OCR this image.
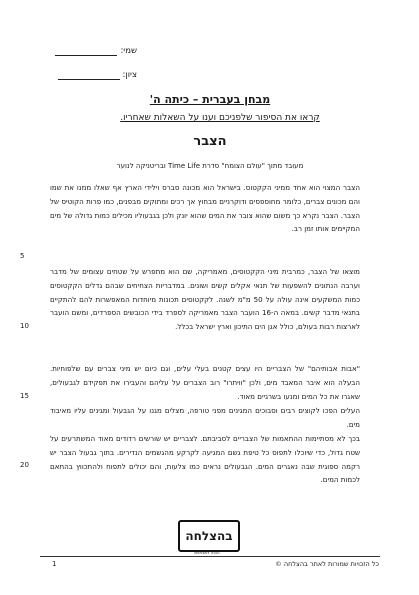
שמי:
ציון:
מבחן בעברית – כיתה ה'
קראו את הסיפור שלפניכם וענו על השאלות שאחריו.
הצבר
מעובד מתוך "עולם הצומח" סדרת Time Life ובריטניקה לנוער
הצבר המצוי הוא אחד ממיני הקקטוס. בישראל הוא מכונה סברס וילידי הארץ אף שאלו ממנו את שמו והם מכונים צברים, כלומר מחוספסים ודוקרניים מבחוץ אך רכים ומתוקים מבפנים, כמו פרות הקוטיס של הצבר. הצבר נקרא כך משום שהוא צובר את המים שהוא יונק ולכן בגבעוליו מכילים כמות גדולה של מים המקיימים אותו זמן רב.
מוצאו של הצבר, כמרבית מיני הקקטוסים, מאמריקה, שם הוא מתפרש על שטחים עצומים של מדבר וערבה הנתונים להשפעות של תנאי אקלים קשים ושונים. במדבריות הצחיחים שבהם גדלים הקקטוסים כמות המשקעים אינה עולה על 50 מ"מ לשנה. לקקטוסים תכונות מיוחדות המאפשרות להם להתקיים בתנאי מדבר קשים. במאה ה-16 הועבר הצבר מאמריקה לספרד בידי הכובשים הספרדים, ומשם הועבר לארצות רבות בעולם, כולל אגן הים התיכון וארץ ישראל בכלל.
"אבות אבותיהם" של הצבריים היו עצים קטנים בעלי עלים, וגם כיום יש מיני צברים עם שלפוחיות. הבעלה הוא איבר המאבד מים, ולכן "וויתרו" רוב הצברים על עליהם והעבירו את תפקידם לגבעולים, שאגרו את כל המים ומנעו בשרגיים מאוד.
העלים הפכו לקוצים רבים וסבוכים המגינים מפני טורפה, מצלים מגנו על הגבעול ומגינים עליו מאיבוד מים.
בכך לא מסתיימות ההתאמות של הצבריים לסביבתם. לצבריים יש שורשים רדודים מאוד המשתרעים על שטח גדול, כדי שיוכלו לתפוס כל טיפת גשם המגיעה לקרקע מהגשמים הנדירים. בתוך גבעול הצבר יש רקמה ספוגית שבה נאגרים המים. הגבעולים נראים כמו צלעות, והם יכולים לתפוח ולהתכווץ בהתאם לכמות המים.
5
10
15
20
בהצלחה
הכנה למבחנים
כל הזכויות שמורות לאתר בהצלחה ©
1
